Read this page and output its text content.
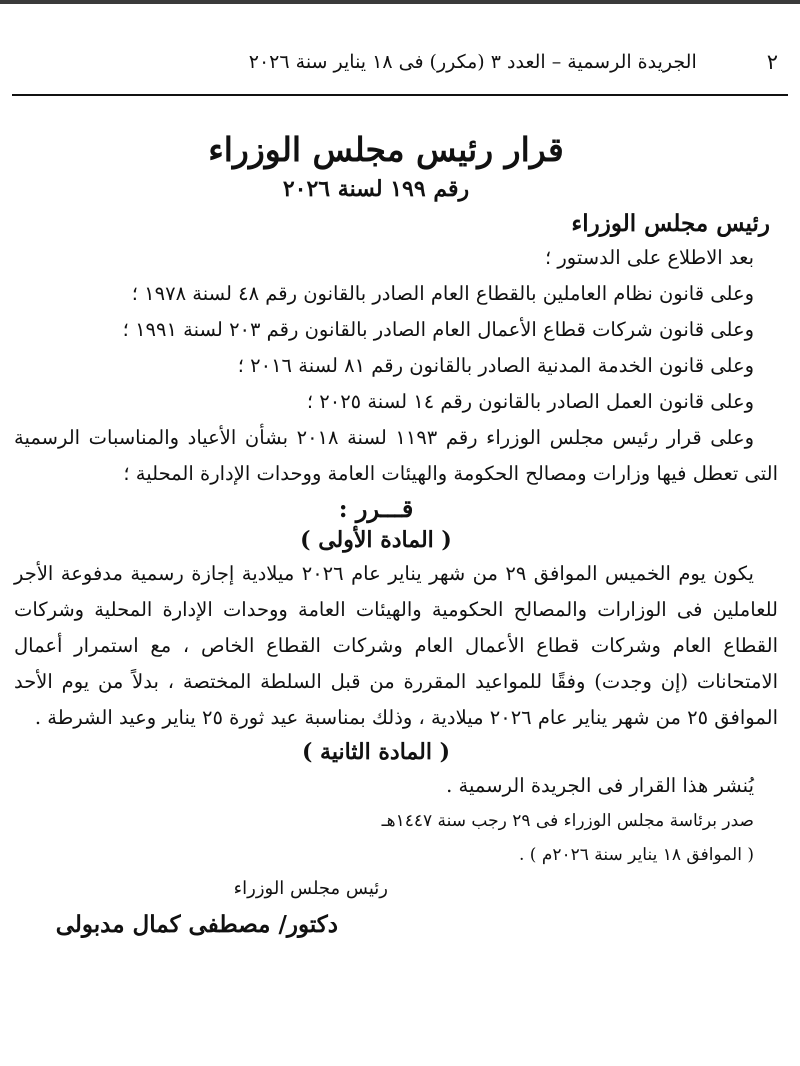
٢
الجريدة الرسمية – العدد ٣ (مكرر) فى ١٨ يناير سنة ٢٠٢٦
قرار رئيس مجلس الوزراء
رقم ١٩٩ لسنة ٢٠٢٦
رئيس مجلس الوزراء
بعد الاطلاع على الدستور ؛
وعلى قانون نظام العاملين بالقطاع العام الصادر بالقانون رقم ٤٨ لسنة ١٩٧٨ ؛
وعلى قانون شركات قطاع الأعمال العام الصادر بالقانون رقم ٢٠٣ لسنة ١٩٩١ ؛
وعلى قانون الخدمة المدنية الصادر بالقانون رقم ٨١ لسنة ٢٠١٦ ؛
وعلى قانون العمل الصادر بالقانون رقم ١٤ لسنة ٢٠٢٥ ؛
وعلى قرار رئيس مجلس الوزراء رقم ١١٩٣ لسنة ٢٠١٨ بشأن الأعياد والمناسبات الرسمية التى تعطل فيها وزارات ومصالح الحكومة والهيئات العامة ووحدات الإدارة المحلية ؛
قـــرر :
( المادة الأولى )
يكون يوم الخميس الموافق ٢٩ من شهر يناير عام ٢٠٢٦ ميلادية إجازة رسمية مدفوعة الأجر للعاملين فى الوزارات والمصالح الحكومية والهيئات العامة ووحدات الإدارة المحلية وشركات القطاع العام وشركات قطاع الأعمال العام وشركات القطاع الخاص ، مع استمرار أعمال الامتحانات (إن وجدت) وفقًا للمواعيد المقررة من قبل السلطة المختصة ، بدلاً من يوم الأحد الموافق ٢٥ من شهر يناير عام ٢٠٢٦ ميلادية ، وذلك بمناسبة عيد ثورة ٢٥ يناير وعيد الشرطة .
( المادة الثانية )
يُنشر هذا القرار فى الجريدة الرسمية .
صدر برئاسة مجلس الوزراء فى ٢٩ رجب سنة ١٤٤٧هـ
( الموافق ١٨ يناير سنة ٢٠٢٦م ) .
رئيس مجلس الوزراء
دكتور/ مصطفى كمال مدبولى
